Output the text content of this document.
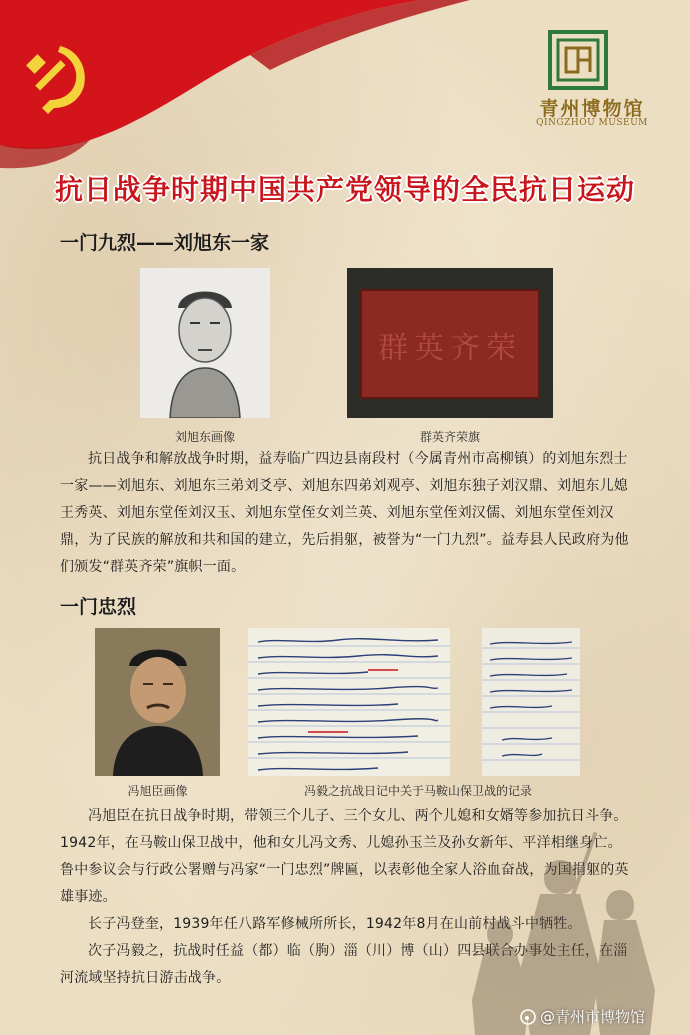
青州博物馆
QINGZHOU MUSEUM
抗日战争时期中国共产党领导的全民抗日运动
一门九烈——刘旭东一家
刘旭东画像
群英齐荣
群英齐荣旗

抗日战争和解放战争时期，益寿临广四边县南段村（今属青州市高柳镇）的刘旭东烈士一家——刘旭东、刘旭东三弟刘爻亭、刘旭东四弟刘观亭、刘旭东独子刘汉鼎、刘旭东儿媳王秀英、刘旭东堂侄刘汉玉、刘旭东堂侄女刘兰英、刘旭东堂侄刘汉儒、刘旭东堂侄刘汉鼎，为了民族的解放和共和国的建立，先后捐躯，被誉为“一门九烈”。益寿县人民政府为他们颁发“群英齐荣”旗帜一面。

一门忠烈
冯旭臣画像	冯毅之抗战日记中关于马鞍山保卫战的记录

冯旭臣在抗日战争时期，带领三个儿子、三个女儿、两个儿媳和女婿等参加抗日斗争。1942年，在马鞍山保卫战中，他和女儿冯文秀、儿媳孙玉兰及孙女新年、平洋相继身亡。鲁中参议会与行政公署赠与冯家“一门忠烈”牌匾，以表彰他全家人浴血奋战，为国捐躯的英雄事迹。

长子冯登奎，1939年任八路军修械所所长，1942年8月在山前村战斗中牺牲。

次子冯毅之，抗战时任益（都）临（朐）淄（川）博（山）四县联合办事处主任，在淄河流域坚持抗日游击战争。

@青州市博物馆
